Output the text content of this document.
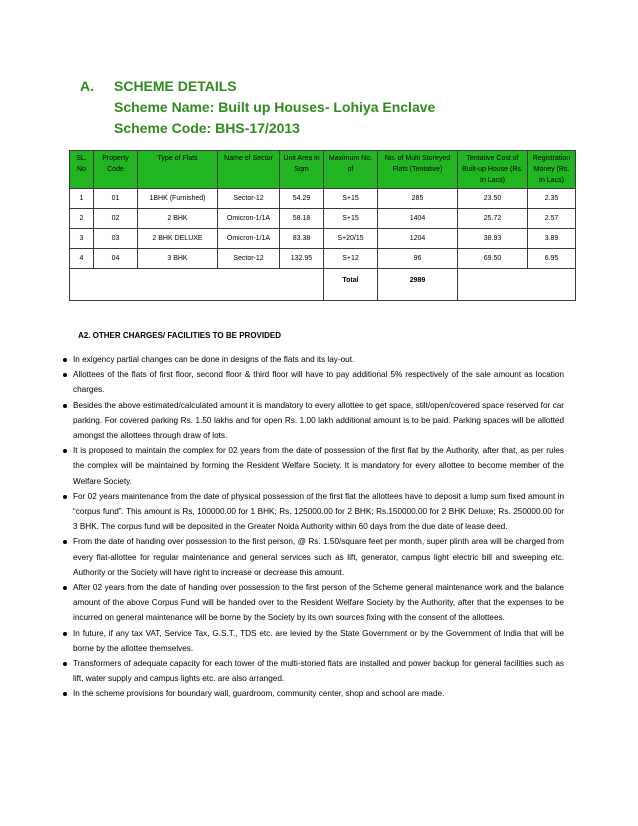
A.	SCHEME DETAILS
Scheme Name: Built up Houses- Lohiya Enclave
Scheme Code: BHS-17/2013
SL. No	Property Code	Type of Flats	Name of Sector	Unit Area in Sqm	Maximum No. of	No. of Multi Storeyed Flats (Tentative)	Tentative Cost of Built-up House (Rs. In Lacs)	Registration Money (Rs. In Lacs)
1	01	1BHK (Furnished)	Sector-12	54.29	S+15	285	23.50	2.35
2	02	2 BHK	Omicron-1/1A	58.18	S+15	1404	25.72	2.57
3	03	2 BHK DELUXE	Omicron-1/1A	83.38	S+20/15	1204	38.93	3.89
4	04	3 BHK	Sector-12	132.95	S+12	96	69.50	6.95
					Total	2989		
A2. OTHER CHARGES/ FACILITIES TO BE PROVIDED
In exigency partial changes can be done in designs of the flats and its lay-out.
Allottees of the flats of first floor, second floor & third floor will have to pay additional 5% respectively of the sale amount as location charges.
Besides the above estimated/calculated amount it is mandatory to every allottee to get space, stilt/open/covered space reserved for car parking. For covered parking Rs. 1.50 lakhs and for open Rs. 1.00 lakh additional amount is to be paid. Parking spaces will be allotted amongst the allottees through draw of lots.
It is proposed to maintain the complex for 02 years from the date of possession of the first flat by the Authority, after that, as per rules the complex will be maintained by forming the Resident Welfare Society. It is mandatory for every allottee to become member of the Welfare Society.
For 02 years maintenance from the date of physical possession of the first flat the allottees have to deposit a lump sum fixed amount in “corpus fund”. This amount is Rs, 100000.00 for 1 BHK; Rs. 125000.00 for 2 BHK; Rs.150000.00 for 2 BHK Deluxe; Rs. 250000.00 for 3 BHK. The corpus fund will be deposited in the Greater Noida Authority within 60 days from the due date of lease deed.
From the date of handing over possession to the first person, @ Rs. 1.50/square feet per month, super plinth area will be charged from every flat-allottee for regular maintenance and general services such as lift, generator, campus light electric bill and sweeping etc. Authority or the Society will have right to increase or decrease this amount.
After 02 years from the date of handing over possession to the first person of the Scheme general maintenance work and the balance amount of the above Corpus Fund will be handed over to the Resident Welfare Society by the Authority, after that the expenses to be incurred on general maintenance will be borne by the Society by its own sources fixing with the consent of the allottees.
In future, if any tax VAT, Service Tax, G.S.T., TDS etc. are levied by the State Government or by the Government of India that will be borne by the allottee themselves.
Transformers of adequate capacity for each tower of the multi-storied flats are installed and power backup for general facilities such as lift, water supply and campus lights etc. are also arranged.
In the scheme provisions for boundary wall, guardroom, community center, shop and school are made.
